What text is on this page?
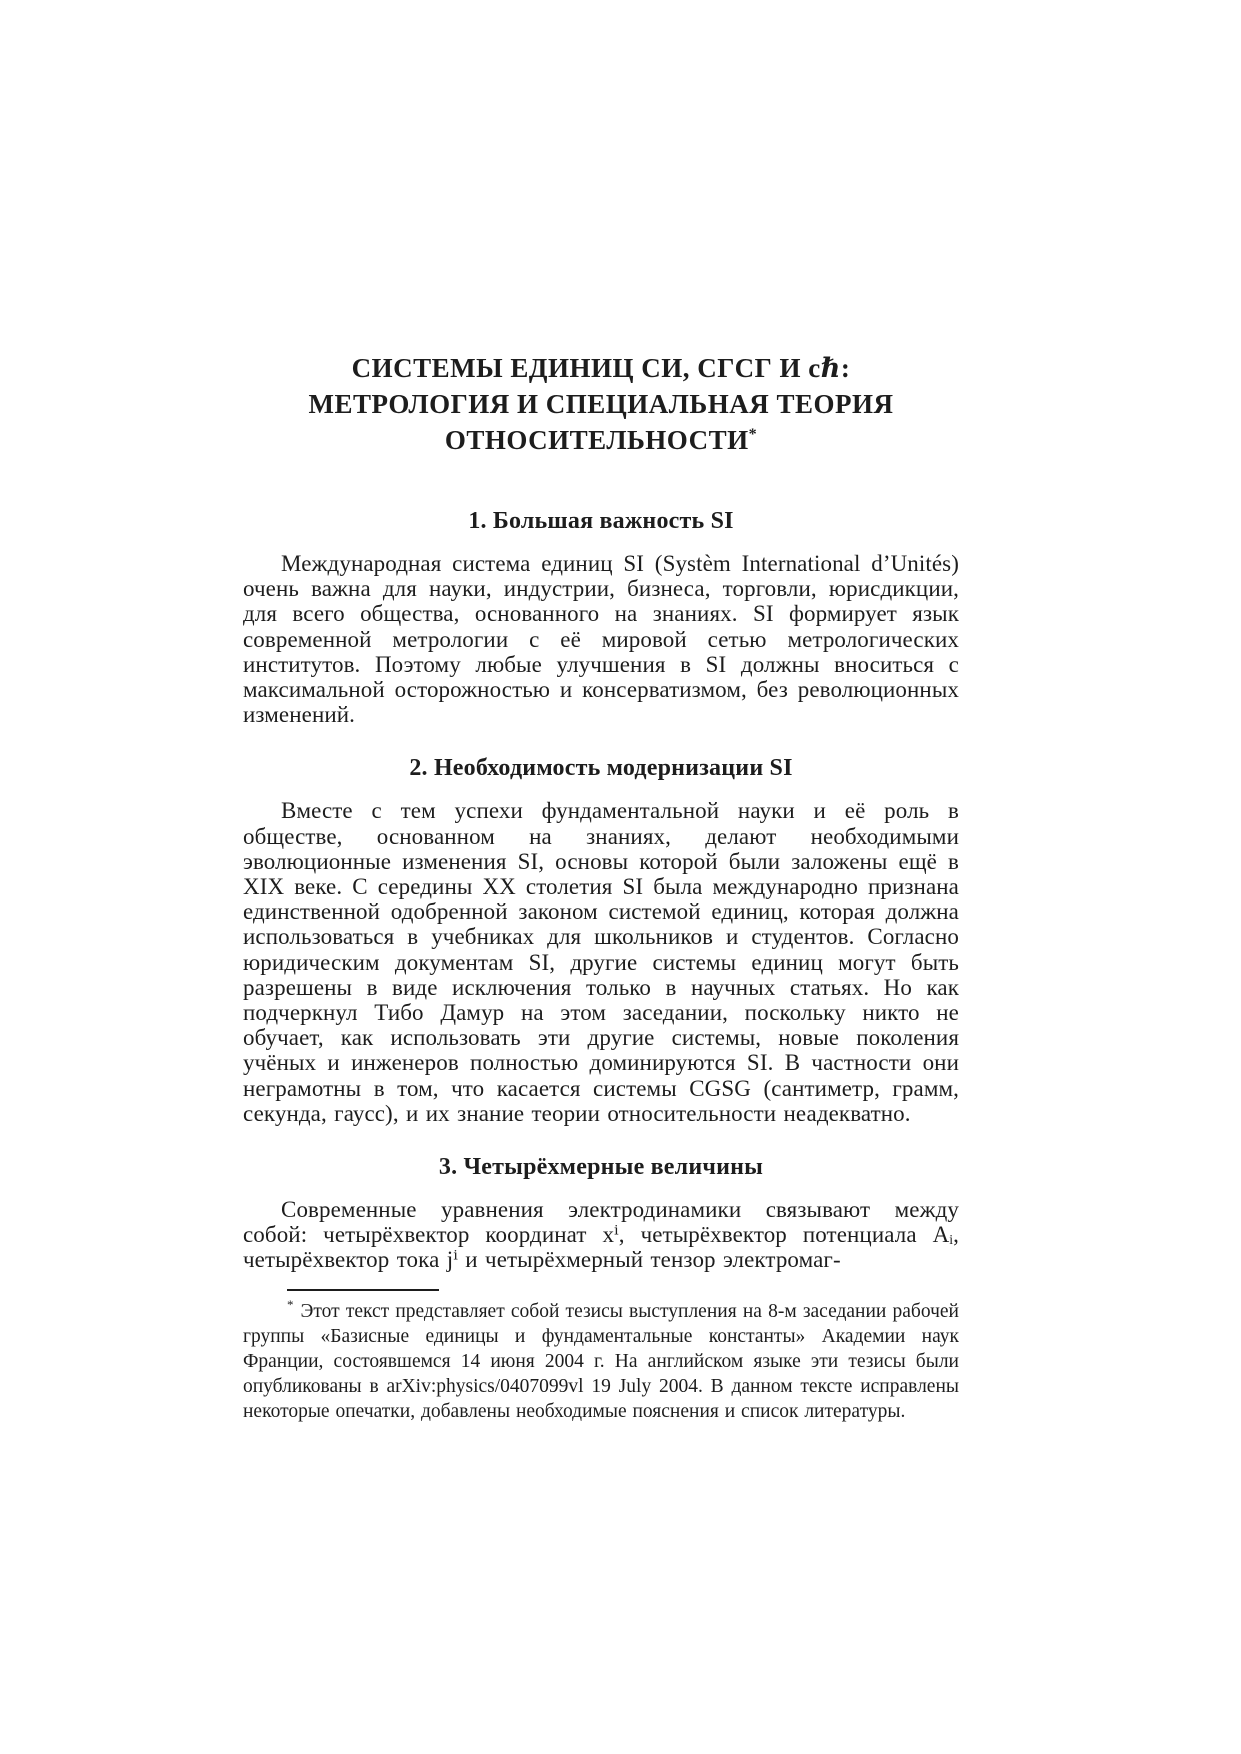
СИСТЕМЫ ЕДИНИЦ СИ, СГСГ И cℏ:
МЕТРОЛОГИЯ И СПЕЦИАЛЬНАЯ ТЕОРИЯ
ОТНОСИТЕЛЬНОСТИ*
1. Большая важность SI

Международная система единиц SI (Systèm International d’Unités) очень важна для науки, индустрии, бизнеса, торговли, юрисдикции, для всего общества, основанного на знаниях. SI формирует язык современной метрологии с её мировой сетью метрологических институтов. Поэтому любые улучшения в SI должны вноситься с максимальной осторожностью и консерватизмом, без революционных изменений.

2. Необходимость модернизации SI

Вместе с тем успехи фундаментальной науки и её роль в обществе, основанном на знаниях, делают необходимыми эволюционные изменения SI, основы которой были заложены ещё в XIX веке. С середины XX столетия SI была международно признана единственной одобренной законом системой единиц, которая должна использоваться в учебниках для школьников и студентов. Согласно юридическим документам SI, другие системы единиц могут быть разрешены в виде исключения только в научных статьях. Но как подчеркнул Тибо Дамур на этом заседании, поскольку никто не обучает, как использовать эти другие системы, новые поколения учёных и инженеров полностью доминируются SI. В частности они неграмотны в том, что касается системы CGSG (сантиметр, грамм, секунда, гаусс), и их знание теории относительности неадекватно.

3. Четырёхмерные величины

Современные уравнения электродинамики связывают между собой: четырёхвектор координат xⁱ, четырёхвектор потенциала Aᵢ, четырёхвектор тока jⁱ и четырёхмерный тензор электромаг-

* Этот текст представляет собой тезисы выступления на 8-м заседании рабочей группы «Базисные единицы и фундаментальные константы» Академии наук Франции, состоявшемся 14 июня 2004 г. На английском языке эти тезисы были опубликованы в arXiv:physics/0407099vl 19 July 2004. В данном тексте исправлены некоторые опечатки, добавлены необходимые пояснения и список литературы.
